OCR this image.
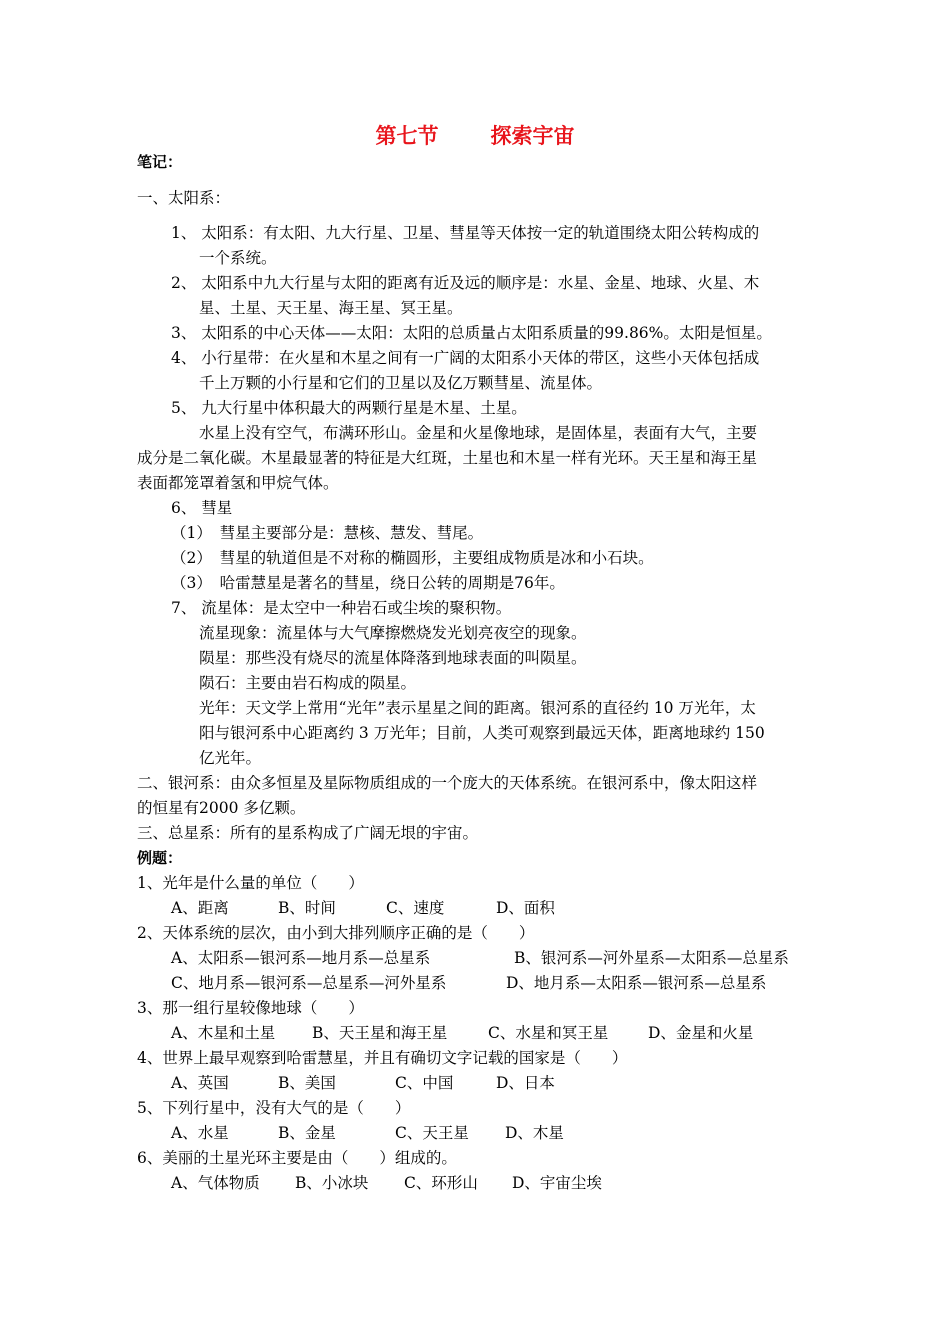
第七节 探索宇宙
笔记：
一、太阳系：
1、 太阳系：有太阳、九大行星、卫星、彗星等天体按一定的轨道围绕太阳公转构成的
一个系统。
2、 太阳系中九大行星与太阳的距离有近及远的顺序是：水星、金星、地球、火星、木
星、土星、天王星、海王星、冥王星。
3、 太阳系的中心天体——太阳：太阳的总质量占太阳系质量的99.86%。太阳是恒星。
4、 小行星带：在火星和木星之间有一广阔的太阳系小天体的带区，这些小天体包括成
千上万颗的小行星和它们的卫星以及亿万颗彗星、流星体。
5、 九大行星中体积最大的两颗行星是木星、土星。
水星上没有空气，布满环形山。金星和火星像地球，是固体星，表面有大气，主要
成分是二氧化碳。木星最显著的特征是大红斑，土星也和木星一样有光环。天王星和海王星
表面都笼罩着氢和甲烷气体。
6、 彗星
（1）　彗星主要部分是：慧核、慧发、彗尾。
（2）　彗星的轨道但是不对称的椭圆形，主要组成物质是冰和小石块。
（3）　哈雷慧星是著名的彗星，绕日公转的周期是76年。
7、 流星体：是太空中一种岩石或尘埃的聚积物。
流星现象：流星体与大气摩擦燃烧发光划亮夜空的现象。
陨星：那些没有烧尽的流星体降落到地球表面的叫陨星。
陨石：主要由岩石构成的陨星。
光年：天文学上常用“光年”表示星星之间的距离。银河系的直径约 10 万光年，太
阳与银河系中心距离约 3 万光年；目前，人类可观察到最远天体，距离地球约 150
亿光年。
二、银河系：由众多恒星及星际物质组成的一个庞大的天体系统。在银河系中，像太阳这样
的恒星有2000 多亿颗。
三、总星系：所有的星系构成了广阔无垠的宇宙。
例题：
1、光年是什么量的单位（　　）
A、距离	B、时间	C、速度	D、面积
2、天体系统的层次，由小到大排列顺序正确的是（　　）
A、太阳系—银河系—地月系—总星系	B、银河系—河外星系—太阳系—总星系
C、地月系—银河系—总星系—河外星系	D、地月系—太阳系—银河系—总星系
3、那一组行星较像地球（　　）
A、木星和土星 B、天王星和海王星	C、水星和冥王星	D、金星和火星
4、世界上最早观察到哈雷慧星，并且有确切文字记载的国家是（　　）
A、英国	B、美国	C、中国	D、日本
5、下列行星中，没有大气的是（　　）
A、水星	B、金星	C、天王星 D、木星
6、美丽的土星光环主要是由（　　）组成的。
A、气体物质 B、小冰块 C、环形山 D、宇宙尘埃
